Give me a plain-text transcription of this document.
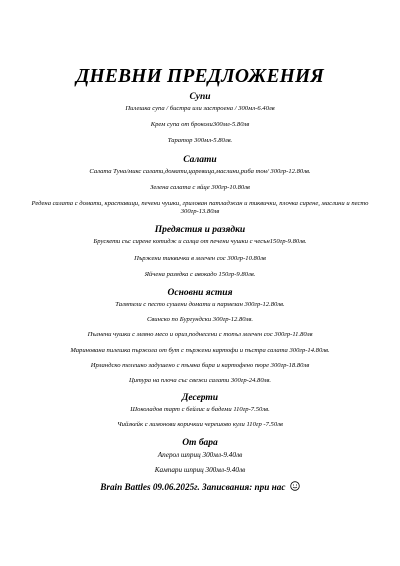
ДНЕВНИ ПРЕДЛОЖЕНИЯ
Супи
Пилешка супа / бистра или застроена / 300мл-6.40лв
Крем супа от броколи300мл-5.80лв
Таратор 300мл-5.80лв.
Салати
Салата Туна/микс салати,домати,царевица,маслини,риба тон/ 300гр-12.80лв.
Зелена салата с яйце 300гр-10.80лв
Редена салата с домати, краставици, печени чушки, грилован патладжан и тиквички, плочка сирене, маслини и песто 300гр-13.80лв
Предястия и разядки
Брускети със сирене котидж и салца от печени чушки с чесън150гр-9.80лв.
Пържени тиквички в млечен сос 300гр-10.80лв
Яйчена разядка с авокадо 150гр-9.80лв.
Основни ястия
Талятели с песто сушени домати и пармезан 300гр-12.80лв.
Свинско по Бургундски 300гр-12.80лв.
Пълнени чушки с мляно месо и ориз,поднесени с топъл млечен сос 300гр-11.80лв
Маринована пилешка пържола от бут с пържени картофи и пъстра салата 300гр-14.80лв.
Ирландско телешко задушено с тъмна бира и картофено пюре 300гр-18.80лв
Цитура на плоча със свежи салати 300гр-24.80лв.
Десерти
Шоколадов тарт с бейлис и бадеми 110гр-7.50лв.
Чийзкейк с лимонови коричкии черешово кули 110гр -7.50лв
От бара
Аперол шприц 300мл-9.40лв
Кампари шприц 300мл-9.40лв
Brain Battles 09.06.2025г. Записвания: при нас
